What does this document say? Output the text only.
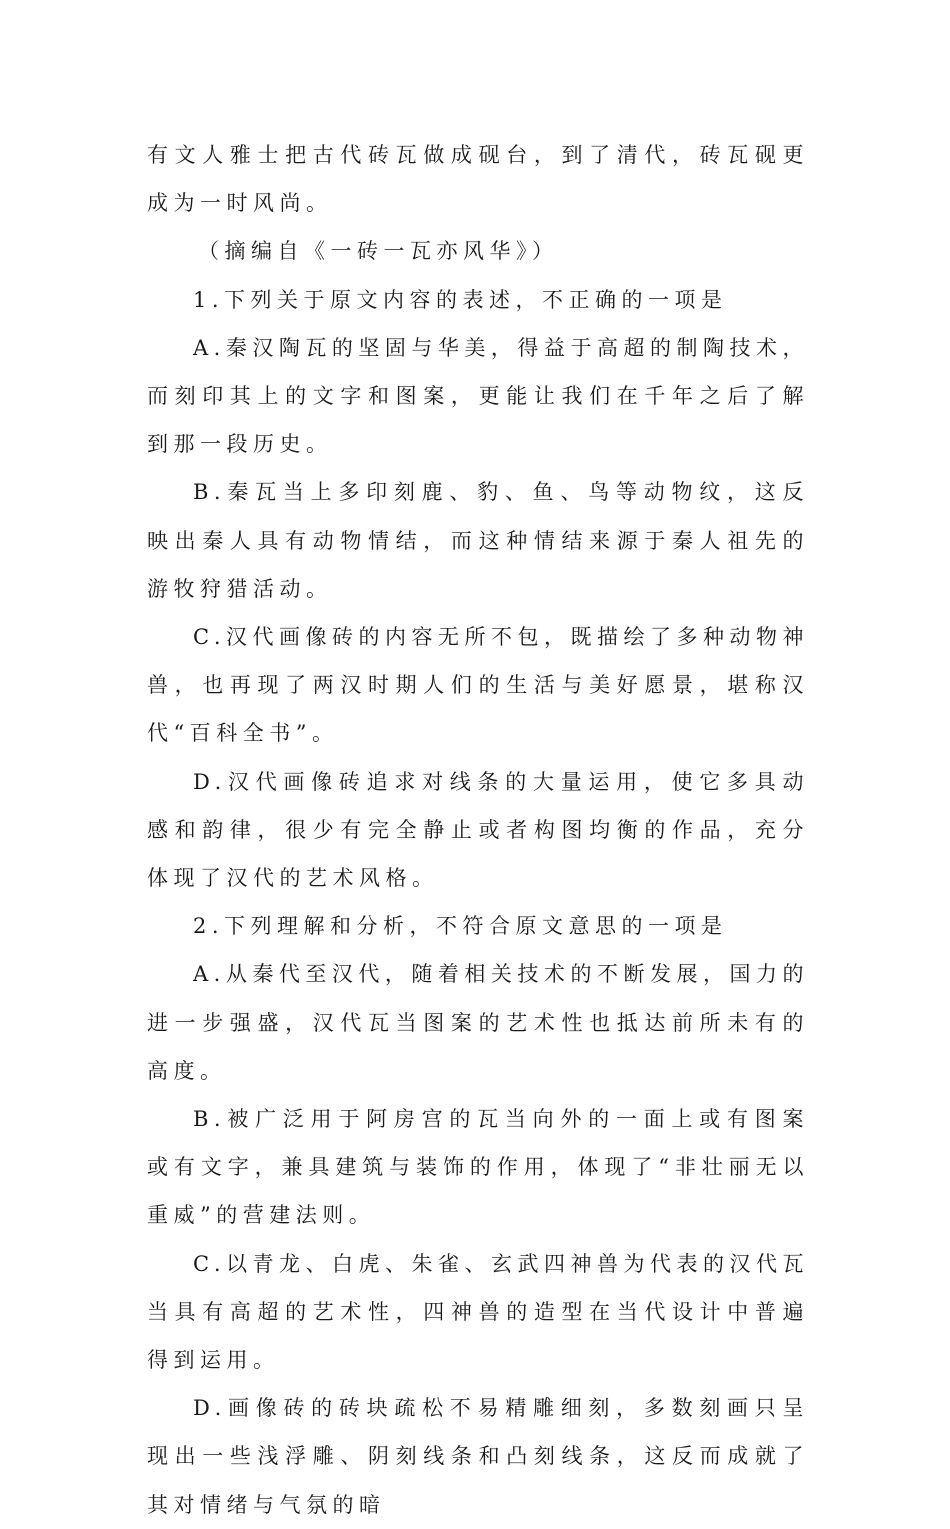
有文人雅士把古代砖瓦做成砚台，到了清代，砖瓦砚更成为一时风尚。

（摘编自《一砖一瓦亦风华》）

1.下列关于原文内容的表述，不正确的一项是

A.秦汉陶瓦的坚固与华美，得益于高超的制陶技术，而刻印其上的文字和图案，更能让我们在千年之后了解到那一段历史。

B.秦瓦当上多印刻鹿、豹、鱼、鸟等动物纹，这反映出秦人具有动物情结，而这种情结来源于秦人祖先的游牧狩猎活动。

C.汉代画像砖的内容无所不包，既描绘了多种动物神兽，也再现了两汉时期人们的生活与美好愿景，堪称汉代“百科全书”。

D.汉代画像砖追求对线条的大量运用，使它多具动感和韵律，很少有完全静止或者构图均衡的作品，充分体现了汉代的艺术风格。

2.下列理解和分析，不符合原文意思的一项是

A.从秦代至汉代，随着相关技术的不断发展，国力的进一步强盛，汉代瓦当图案的艺术性也抵达前所未有的高度。

B.被广泛用于阿房宫的瓦当向外的一面上或有图案或有文字，兼具建筑与装饰的作用，体现了“非壮丽无以重威”的营建法则。

C.以青龙、白虎、朱雀、玄武四神兽为代表的汉代瓦当具有高超的艺术性，四神兽的造型在当代设计中普遍得到运用。

D.画像砖的砖块疏松不易精雕细刻，多数刻画只呈现出一些浅浮雕、阴刻线条和凸刻线条，这反而成就了其对情绪与气氛的暗
